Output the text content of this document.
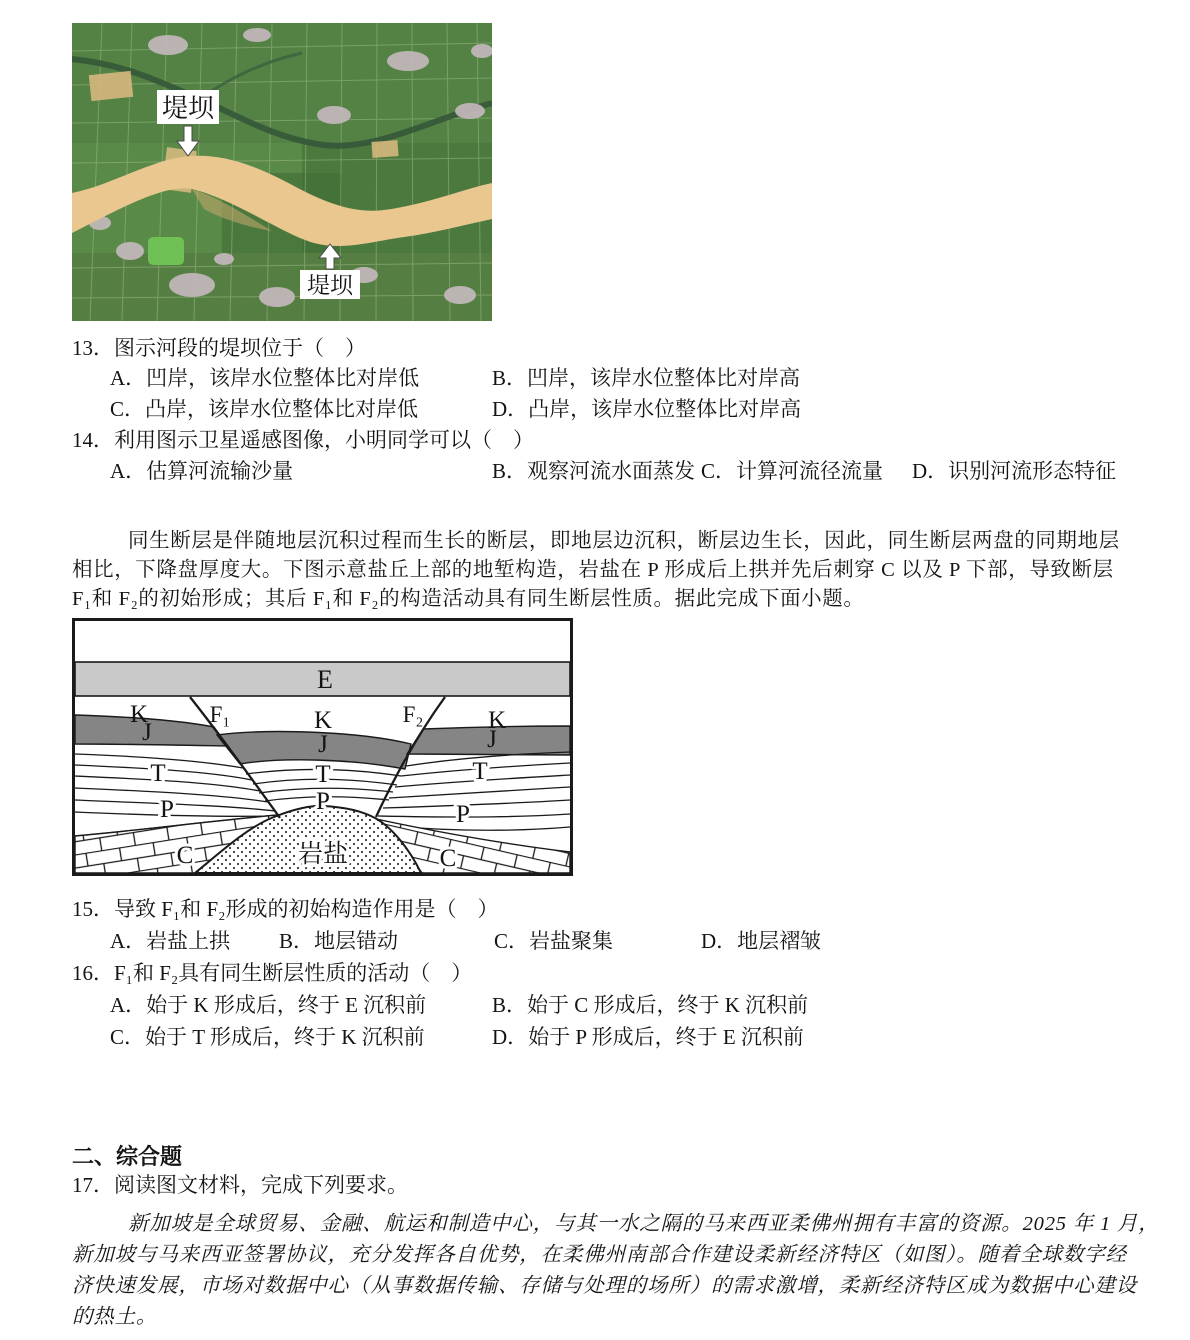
堤坝
堤坝
13．图示河段的堤坝位于（　）
A．凹岸，该岸水位整体比对岸低	B．凹岸，该岸水位整体比对岸高
C．凸岸，该岸水位整体比对岸低	D．凸岸，该岸水位整体比对岸高
14．利用图示卫星遥感图像，小明同学可以（　）
A．估算河流输沙量	B．观察河流水面蒸发 C．计算河流径流量 D．识别河流形态特征
同生断层是伴随地层沉积过程而生长的断层，即地层边沉积，断层边生长，因此，同生断层两盘的同期地层
相比，下降盘厚度大。下图示意盐丘上部的地堑构造，岩盐在 P 形成后上拱并先后刺穿 C 以及 P 下部，导致断层
F₁和 F₂的初始形成；其后 F₁和 F₂的构造活动具有同生断层性质。据此完成下面小题。
E
K	F₁	K	F₂	K
J	J	J
T	T	T
P	P	P
C	C
岩盐
15．导致 F₁和 F₂形成的初始构造作用是（　）
A．岩盐上拱 B．地层错动	C．岩盐聚集	D．地层褶皱
16．F₁和 F₂具有同生断层性质的活动（　）
A．始于 K 形成后，终于 E 沉积前	B．始于 C 形成后，终于 K 沉积前
C．始于 T 形成后，终于 K 沉积前	D．始于 P 形成后，终于 E 沉积前
二、综合题
17．阅读图文材料，完成下列要求。
新加坡是全球贸易、金融、航运和制造中心，与其一水之隔的马来西亚柔佛州拥有丰富的资源。2025 年 1 月，
新加坡与马来西亚签署协议，充分发挥各自优势，在柔佛州南部合作建设柔新经济特区（如图）。随着全球数字经
济快速发展，市场对数据中心（从事数据传输、存储与处理的场所）的需求激增，柔新经济特区成为数据中心建设
的热土。
